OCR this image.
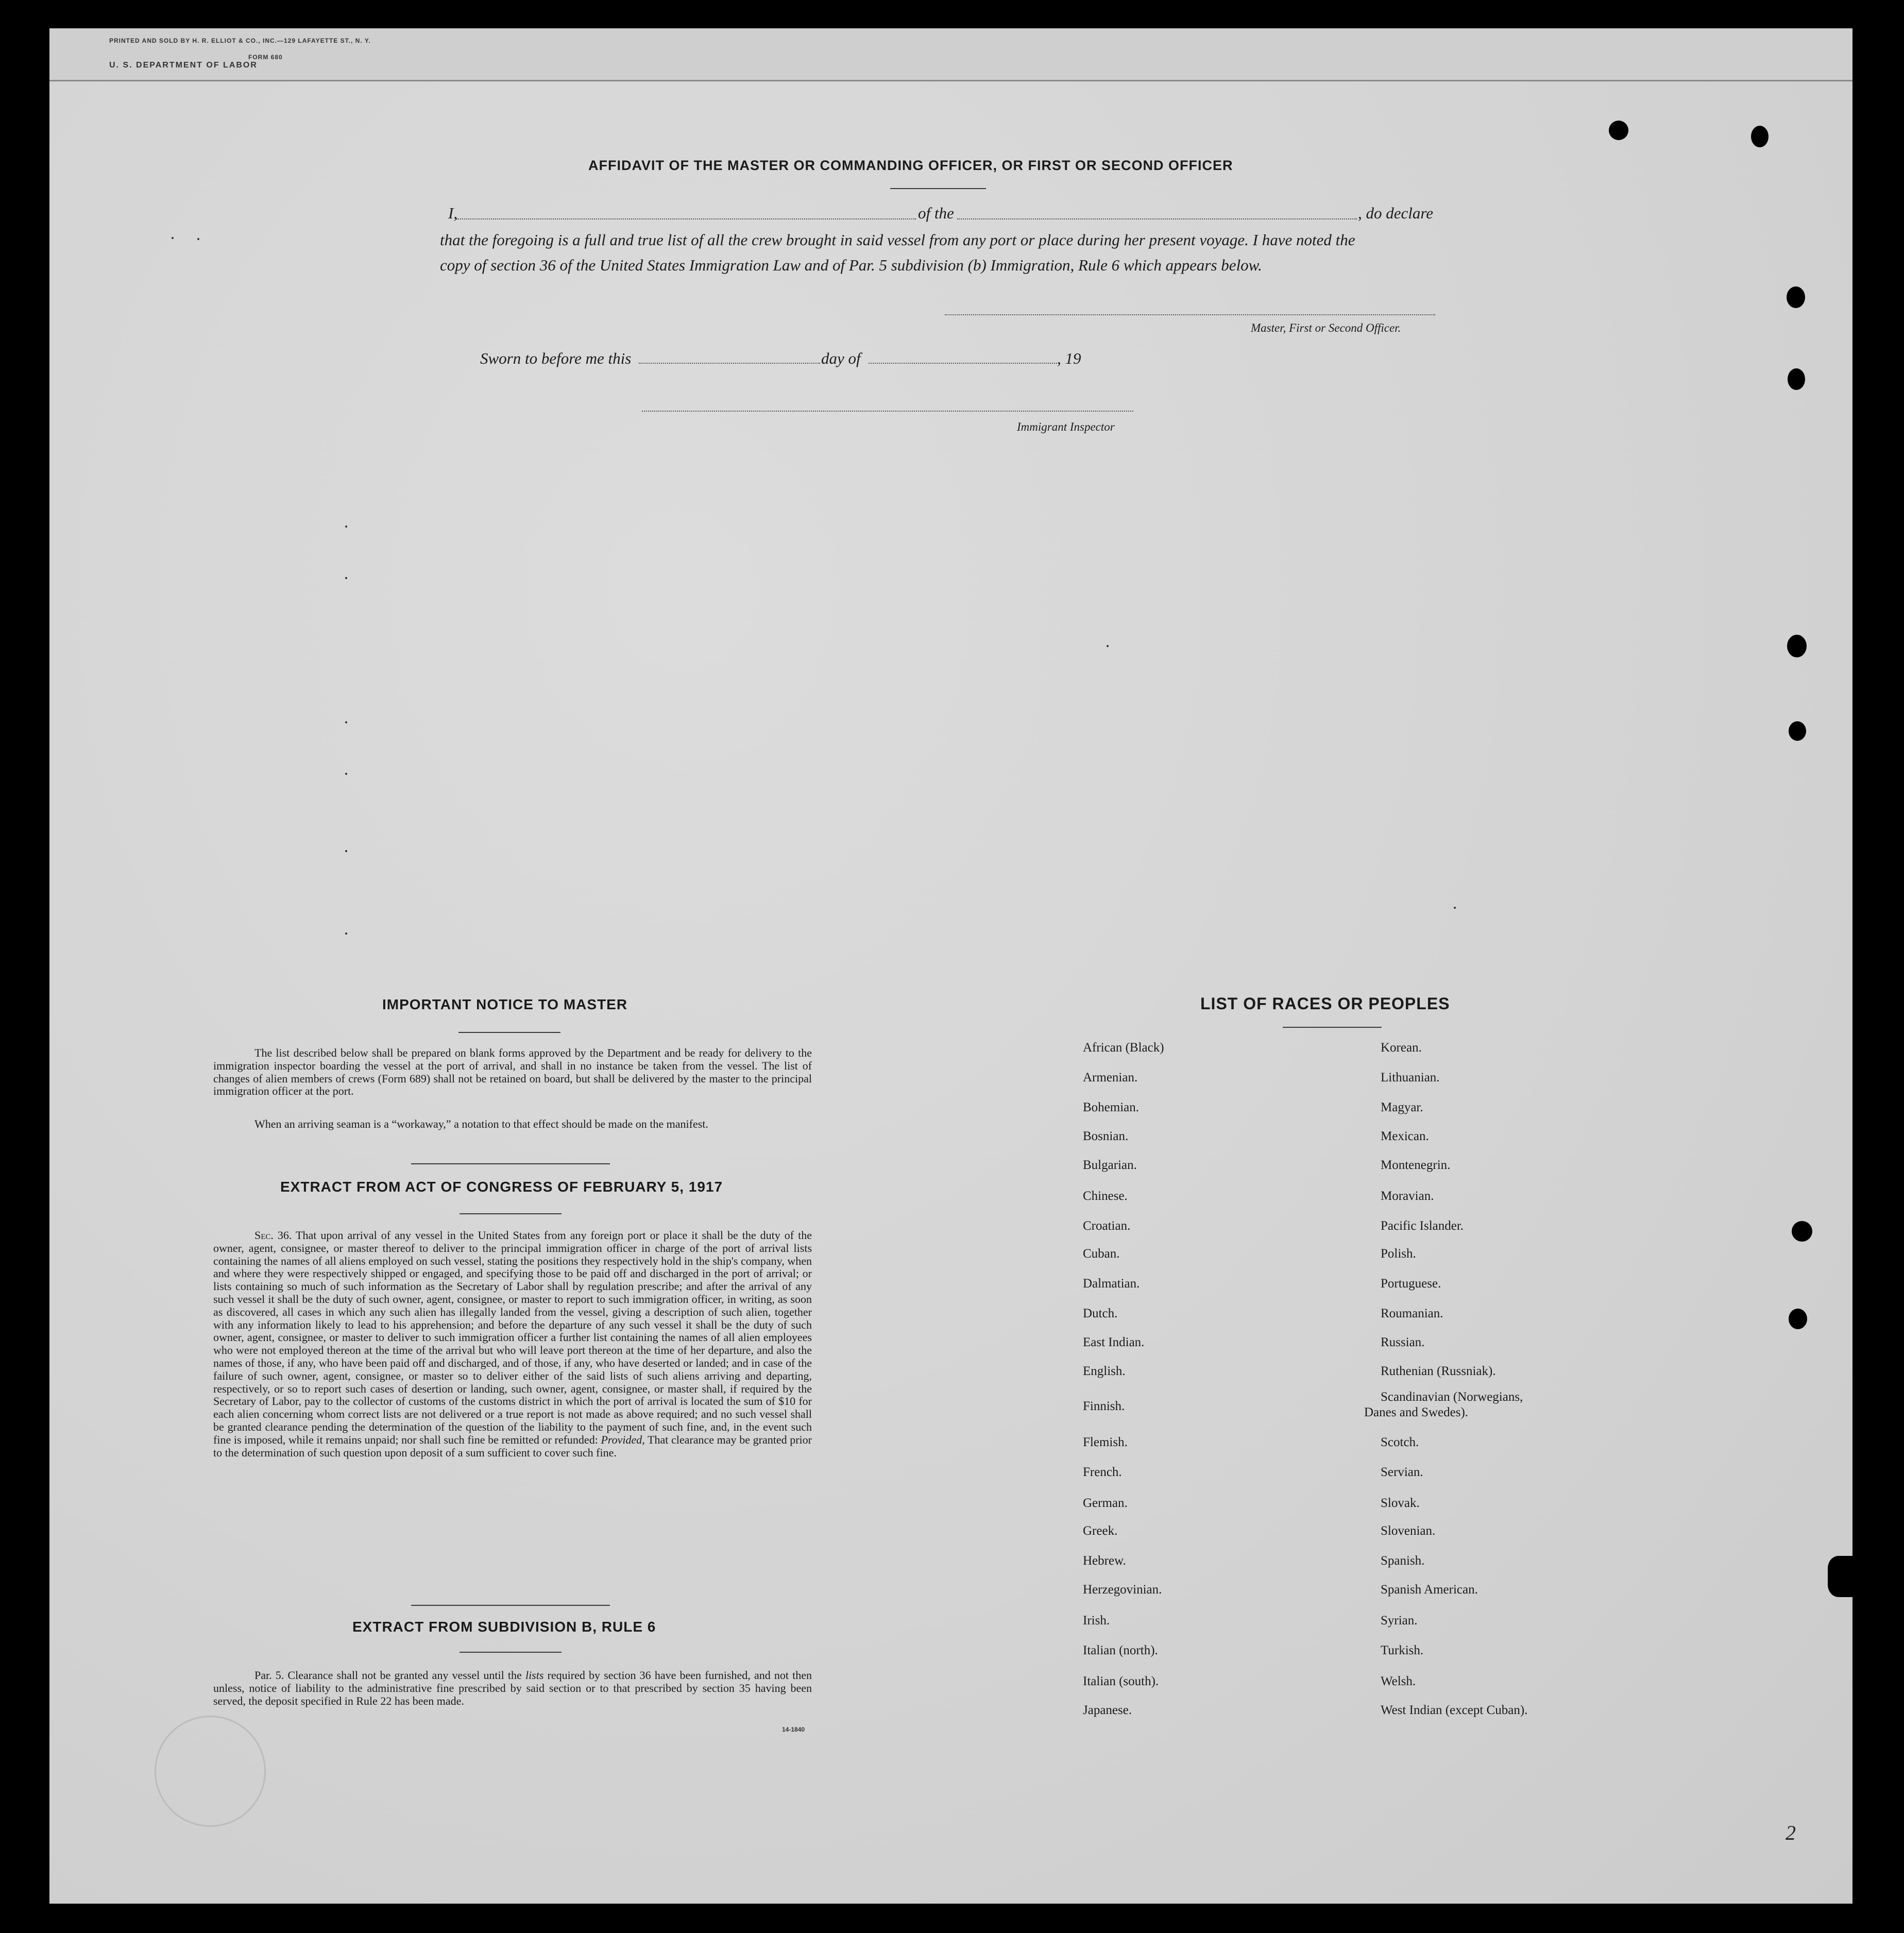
PRINTED AND SOLD BY H. R. ELLIOT & CO., INC.—129 LAFAYETTE ST., N. Y.
FORM 680
U. S. DEPARTMENT OF LABOR
AFFIDAVIT OF THE MASTER OR COMMANDING OFFICER, OR FIRST OR SECOND OFFICER
I,	of the	, do declare
that the foregoing is a full and true list of all the crew brought in said vessel from any port or place during her present voyage. I have noted the
copy of section 36 of the United States Immigration Law and of Par. 5 subdivision (b) Immigration, Rule 6 which appears below.
Master, First or Second Officer.
Sworn to before me this	day of	, 19
Immigrant Inspector
IMPORTANT NOTICE TO MASTER
The list described below shall be prepared on blank forms approved by the Department and be ready for delivery to the immigration inspector boarding the vessel at the port of arrival, and shall in no instance be taken from the vessel. The list of changes of alien members of crews (Form 689) shall not be retained on board, but shall be delivered by the master to the principal immigration officer at the port.
When an arriving seaman is a “workaway,” a notation to that effect should be made on the manifest.
EXTRACT FROM ACT OF CONGRESS OF FEBRUARY 5, 1917
Sec. 36. That upon arrival of any vessel in the United States from any foreign port or place it shall be the duty of the owner, agent, consignee, or master thereof to deliver to the principal immigration officer in charge of the port of arrival lists containing the names of all aliens employed on such vessel, stating the positions they respectively hold in the ship's company, when and where they were respectively shipped or engaged, and specifying those to be paid off and discharged in the port of arrival; or lists containing so much of such information as the Secretary of Labor shall by regulation prescribe; and after the arrival of any such vessel it shall be the duty of such owner, agent, consignee, or master to report to such immigration officer, in writing, as soon as discovered, all cases in which any such alien has illegally landed from the vessel, giving a description of such alien, together with any information likely to lead to his apprehension; and before the departure of any such vessel it shall be the duty of such owner, agent, consignee, or master to deliver to such immigration officer a further list containing the names of all alien employees who were not employed thereon at the time of the arrival but who will leave port thereon at the time of her departure, and also the names of those, if any, who have been paid off and discharged, and of those, if any, who have deserted or landed; and in case of the failure of such owner, agent, consignee, or master so to deliver either of the said lists of such aliens arriving and departing, respectively, or so to report such cases of desertion or landing, such owner, agent, consignee, or master shall, if required by the Secretary of Labor, pay to the collector of customs of the customs district in which the port of arrival is located the sum of $10 for each alien concerning whom correct lists are not delivered or a true report is not made as above required; and no such vessel shall be granted clearance pending the determination of the question of the liability to the payment of such fine, and, in the event such fine is imposed, while it remains unpaid; nor shall such fine be remitted or refunded: Provided, That clearance may be granted prior to the determination of such question upon deposit of a sum sufficient to cover such fine.
EXTRACT FROM SUBDIVISION B, RULE 6
Par. 5. Clearance shall not be granted any vessel until the lists required by section 36 have been furnished, and not then unless, notice of liability to the administrative fine prescribed by said section or to that prescribed by section 35 having been served, the deposit specified in Rule 22 has been made.
14-1840
LIST OF RACES OR PEOPLES
African (Black)
Armenian.
Bohemian.
Bosnian.
Bulgarian.
Chinese.
Croatian.
Cuban.
Dalmatian.
Dutch.
East Indian.
English.
Finnish.
Flemish.
French.
German.
Greek.
Hebrew.
Herzegovinian.
Irish.
Italian (north).
Italian (south).
Japanese.
Korean.
Lithuanian.
Magyar.
Mexican.
Montenegrin.
Moravian.
Pacific Islander.
Polish.
Portuguese.
Roumanian.
Russian.
Ruthenian (Russniak).
Scandinavian (Norwegians,
Scotch.
Servian.
Slovak.
Slovenian.
Spanish.
Spanish American.
Syrian.
Turkish.
Welsh.
West Indian (except Cuban).
Danes and Swedes).
2
